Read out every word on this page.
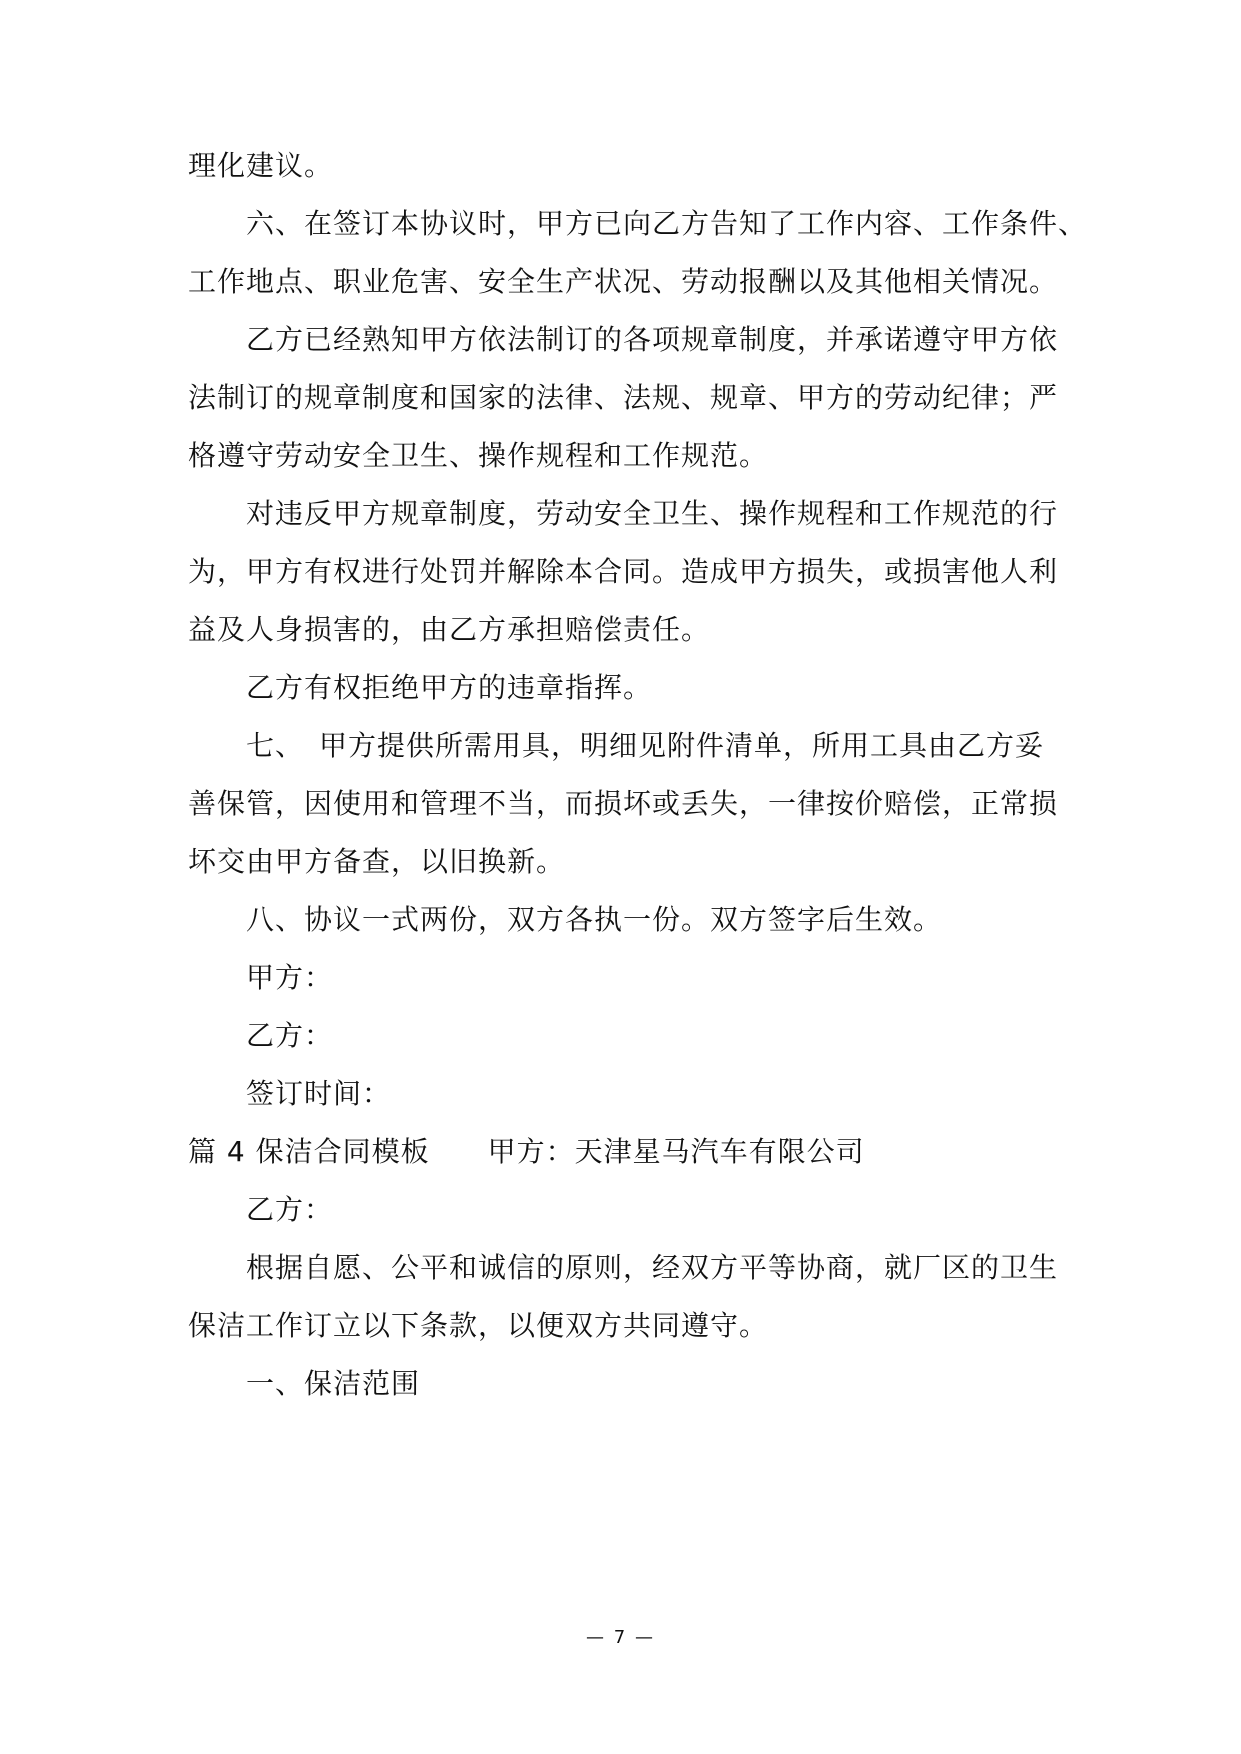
理化建议。
六、在签订本协议时，甲方已向乙方告知了工作内容、工作条件、
工作地点、职业危害、安全生产状况、劳动报酬以及其他相关情况。
乙方已经熟知甲方依法制订的各项规章制度，并承诺遵守甲方依
法制订的规章制度和国家的法律、法规、规章、甲方的劳动纪律；严
格遵守劳动安全卫生、操作规程和工作规范。
对违反甲方规章制度，劳动安全卫生、操作规程和工作规范的行
为，甲方有权进行处罚并解除本合同。造成甲方损失，或损害他人利
益及人身损害的，由乙方承担赔偿责任。
乙方有权拒绝甲方的违章指挥。
七、　甲方提供所需用具，明细见附件清单，所用工具由乙方妥
善保管，因使用和管理不当，而损坏或丢失，一律按价赔偿，正常损
坏交由甲方备查，以旧换新。
八、协议一式两份，双方各执一份。双方签字后生效。
甲方：
乙方：
签订时间：
篇 4 保洁合同模板 甲方：天津星马汽车有限公司
乙方：
根据自愿、公平和诚信的原则，经双方平等协商，就厂区的卫生
保洁工作订立以下条款，以便双方共同遵守。
一、保洁范围
— 7 —
